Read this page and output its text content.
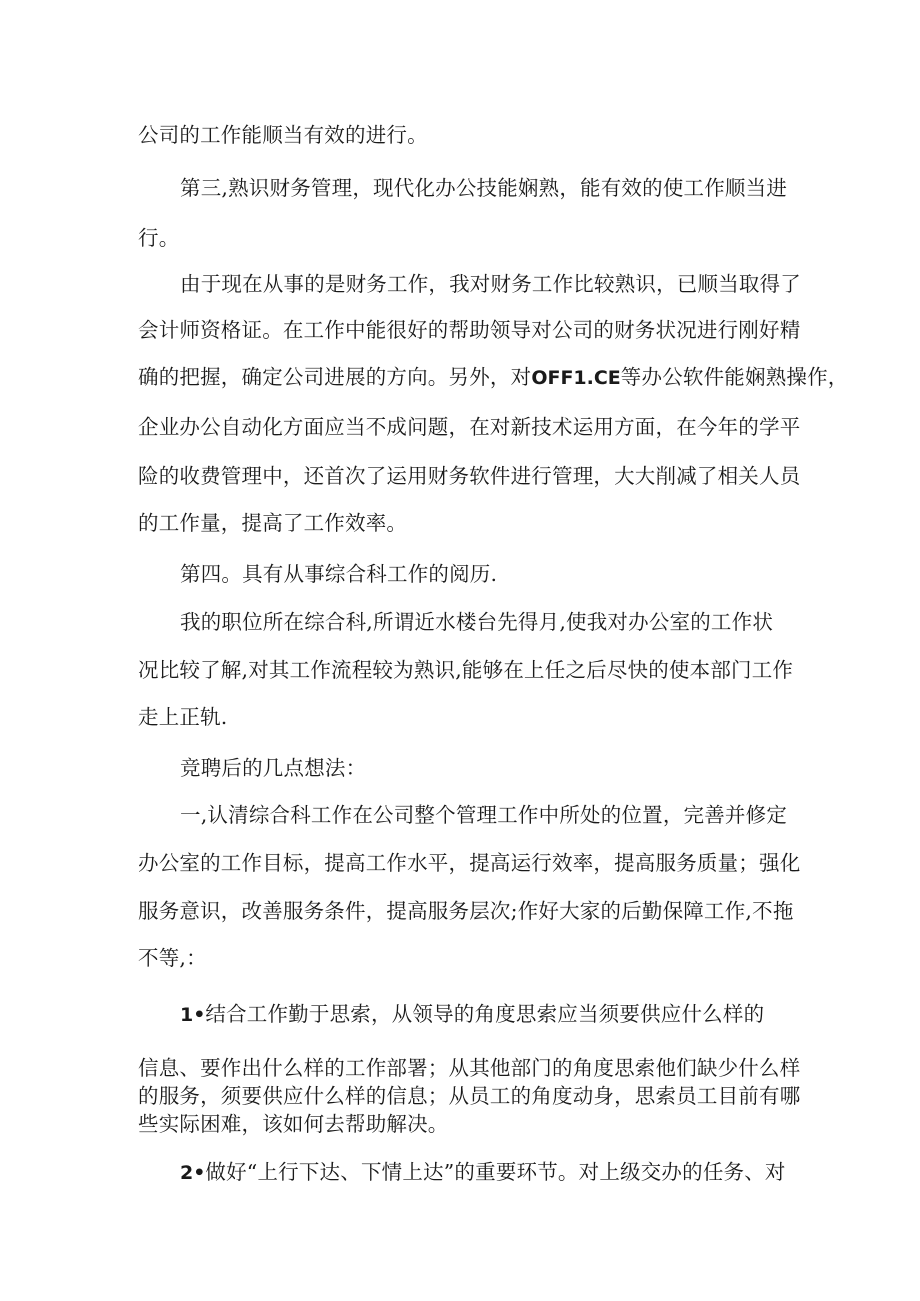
公司的工作能顺当有效的进行。
第三,熟识财务管理，现代化办公技能娴熟，能有效的使工作顺当进
行。
由于现在从事的是财务工作，我对财务工作比较熟识，已顺当取得了
会计师资格证。在工作中能很好的帮助领导对公司的财务状况进行刚好精
确的把握，确定公司进展的方向。另外，对OFF1.CE等办公软件能娴熟操作，
企业办公自动化方面应当不成问题，在对新技术运用方面，在今年的学平
险的收费管理中，还首次了运用财务软件进行管理，大大削减了相关人员
的工作量，提高了工作效率。
第四。具有从事综合科工作的阅历.
我的职位所在综合科,所谓近水楼台先得月,使我对办公室的工作状
况比较了解,对其工作流程较为熟识,能够在上任之后尽快的使本部门工作
走上正轨.
竞聘后的几点想法：
一,认清综合科工作在公司整个管理工作中所处的位置，完善并修定
办公室的工作目标，提高工作水平，提高运行效率，提高服务质量；强化
服务意识，改善服务条件，提高服务层次;作好大家的后勤保障工作,不拖
不等,：
1•结合工作勤于思索，从领导的角度思索应当须要供应什么样的
信息、要作出什么样的工作部署；从其他部门的角度思索他们缺少什么样
的服务，须要供应什么样的信息；从员工的角度动身，思索员工目前有哪
些实际困难，该如何去帮助解决。
2•做好“上行下达、下情上达”的重要环节。对上级交办的任务、对
